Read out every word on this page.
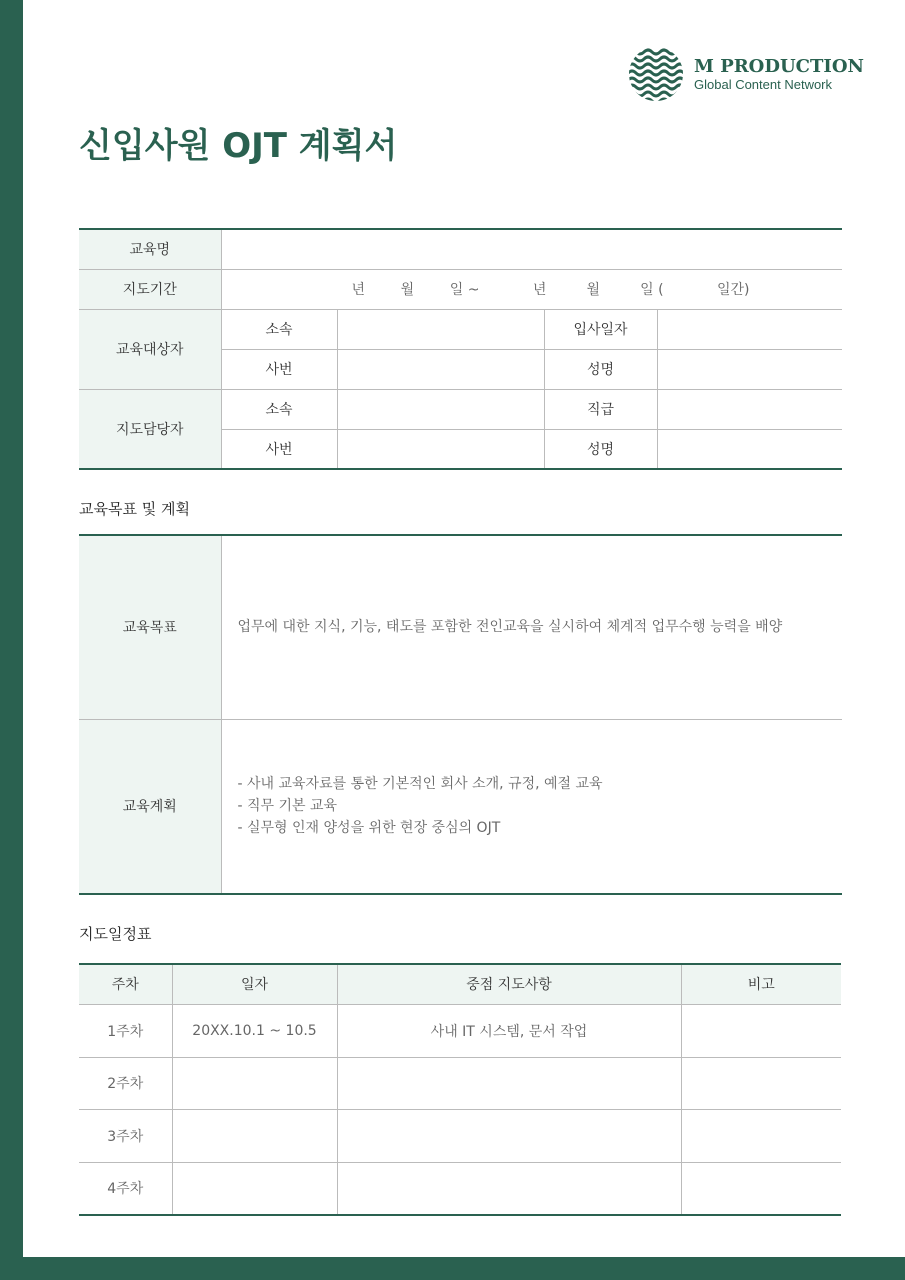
M PRODUCTION
Global Content Network
신입사원 OJT 계획서
교육명				
지도기간	년 월 일 ~ 년 월 일 ( 일간)			
교육대상자	소속		입사일자	
	사번		성명	
지도담당자	소속		직급	
	사번		성명	
교육목표 및 계획
교육목표	업무에 대한 지식, 기능, 태도를 포함한 전인교육을 실시하여 체계적 업무수행 능력을 배양
교육계획	- 사내 교육자료를 통한 기본적인 회사 소개, 규정, 예절 교육
- 직무 기본 교육
- 실무형 인재 양성을 위한 현장 중심의 OJT
지도일정표
주차	일자	중점 지도사항	비고
1주차	20XX.10.1 ~ 10.5	사내 IT 시스템, 문서 작업	
2주차			
3주차			
4주차			
